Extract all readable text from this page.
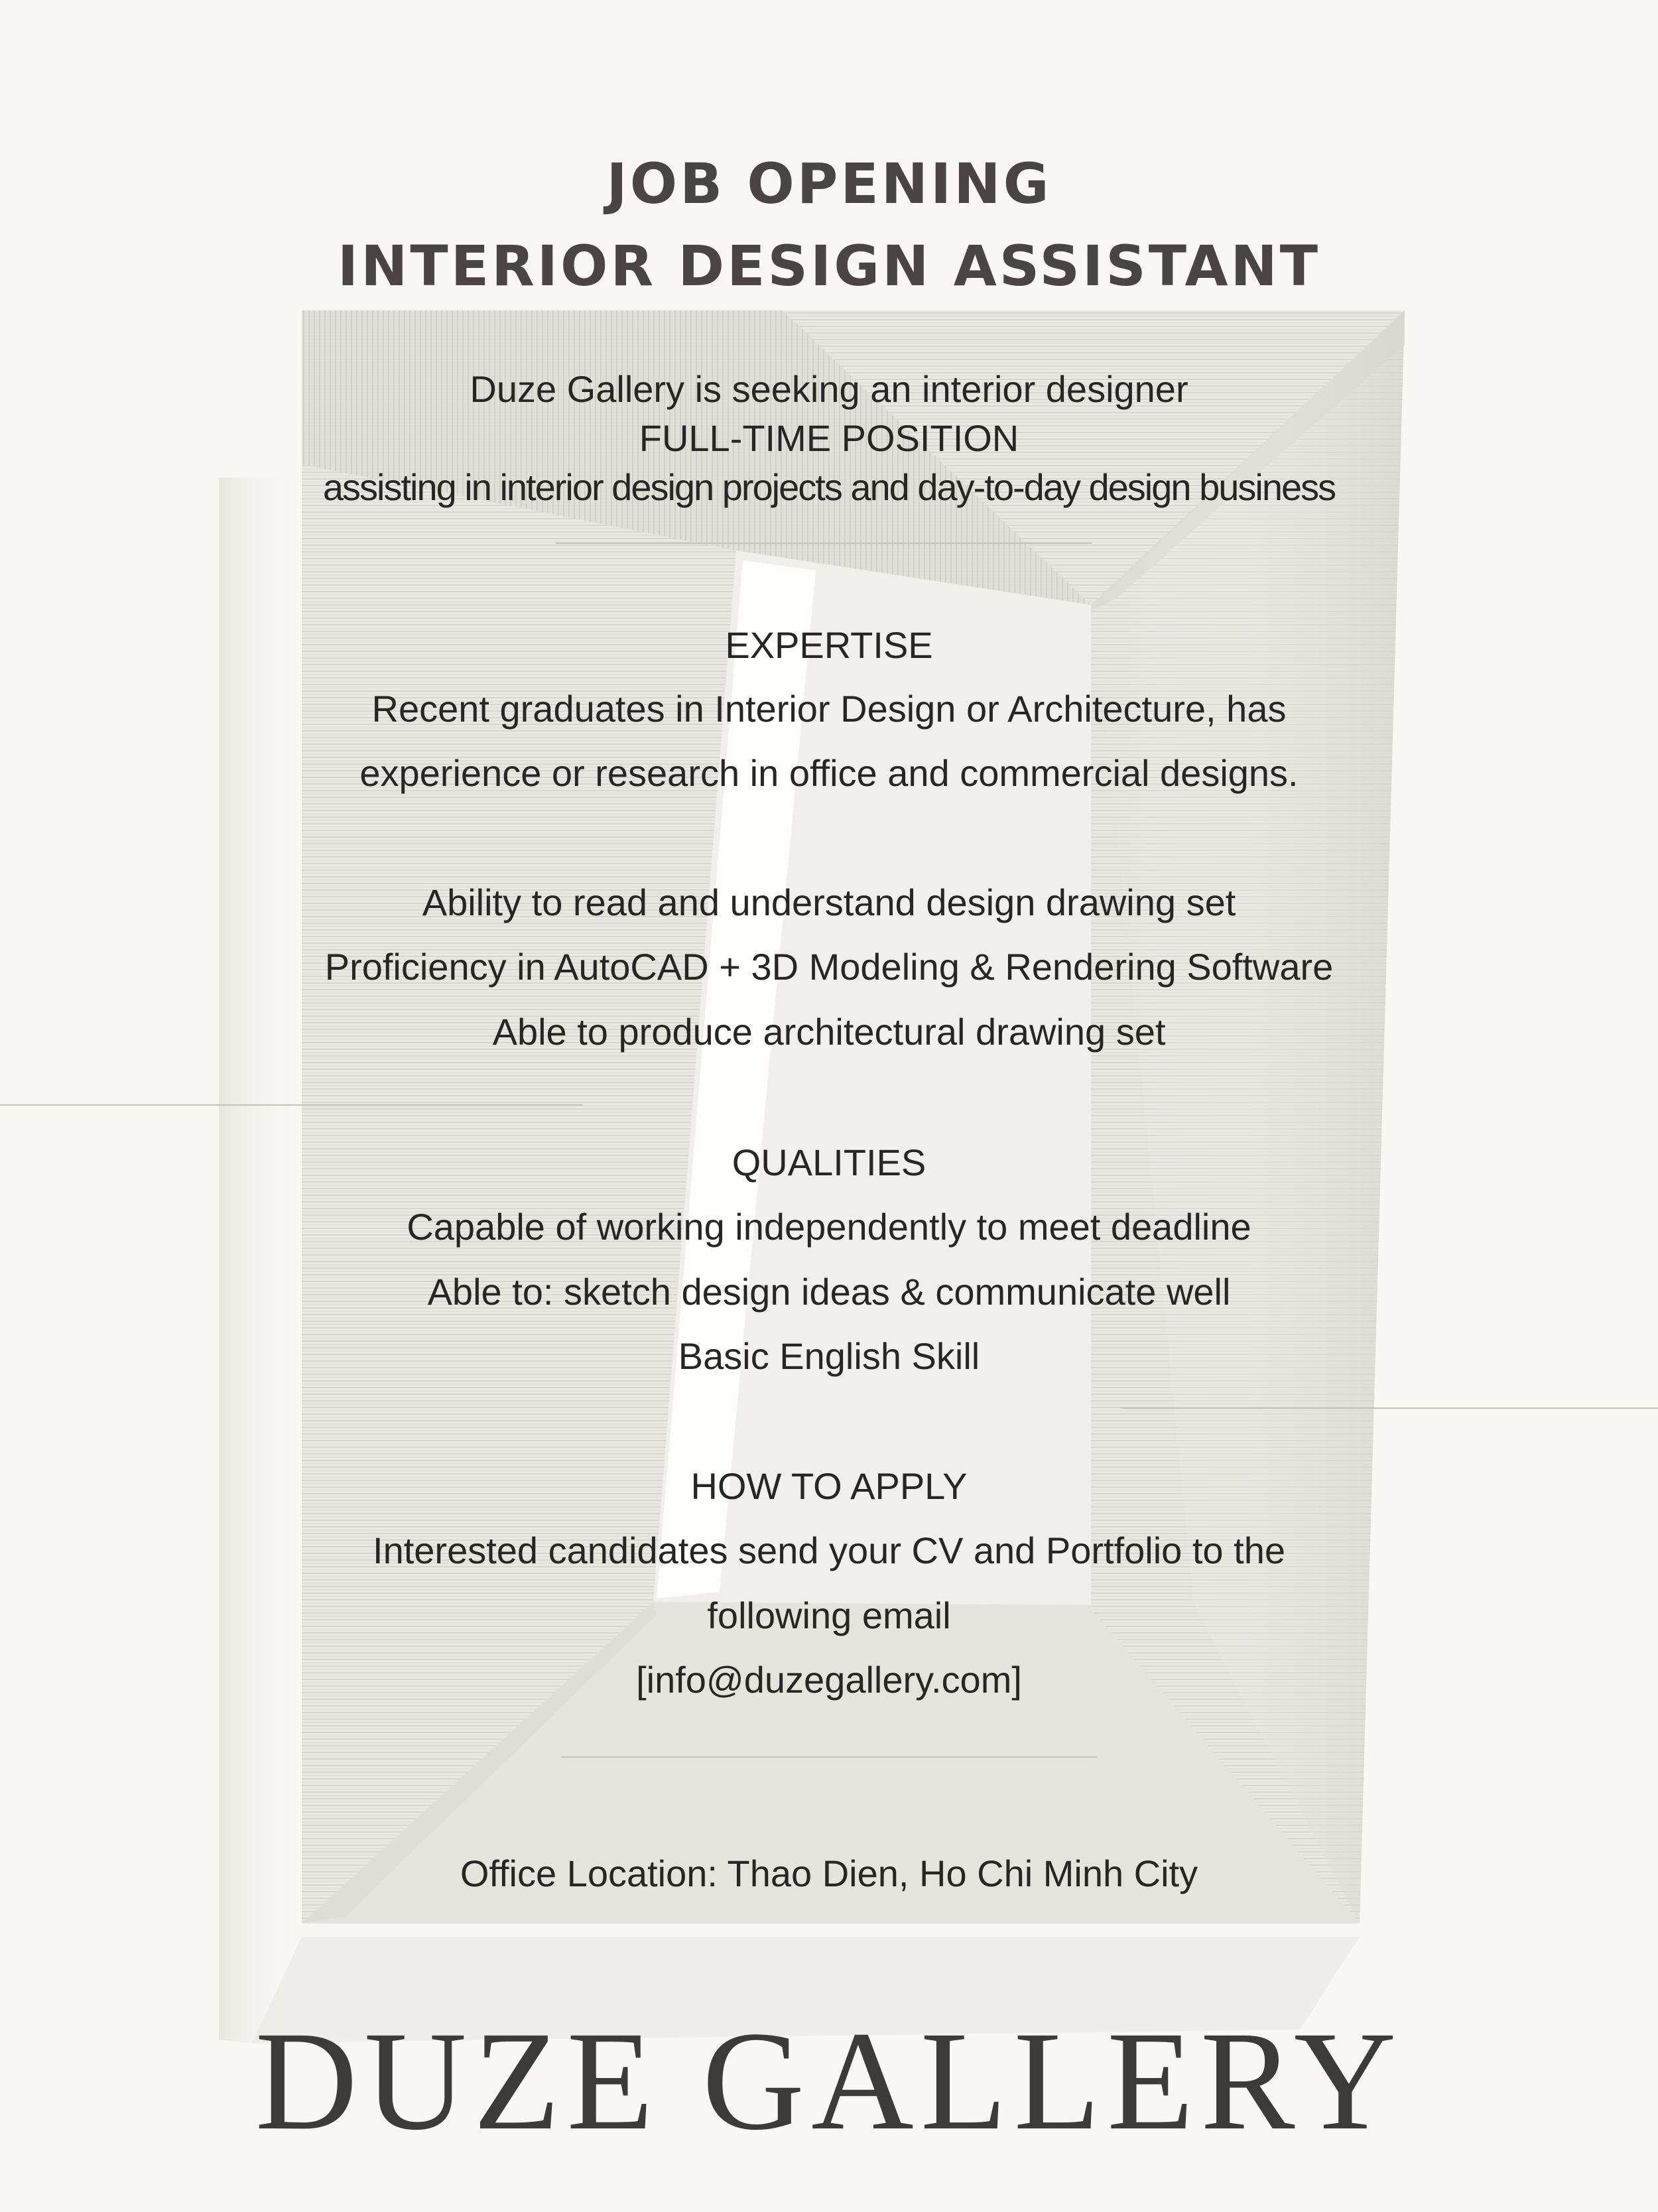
JOB OPENING
INTERIOR DESIGN ASSISTANT
Duze Gallery is seeking an interior designer
FULL-TIME POSITION
assisting in interior design projects and day-to-day design business
EXPERTISE
Recent graduates in Interior Design or Architecture, has
experience or research in office and commercial designs.
Ability to read and understand design drawing set
Proficiency in AutoCAD + 3D Modeling & Rendering Software
Able to produce architectural drawing set
QUALITIES
Capable of working independently to meet deadline
Able to: sketch design ideas & communicate well
Basic English Skill
HOW TO APPLY
Interested candidates send your CV and Portfolio to the
following email
[info@duzegallery.com]
Office Location: Thao Dien, Ho Chi Minh City
DUZE GALLERY
